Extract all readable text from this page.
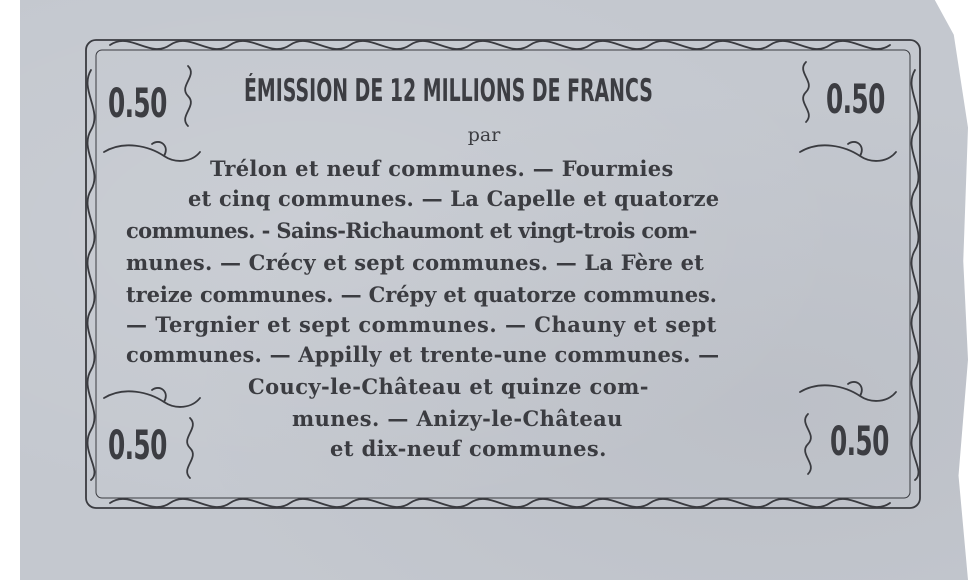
0.50	0.50
0.50	0.50
ÉMISSION DE 12 MILLIONS DE FRANCS
par
Trélon et neuf communes. — Fourmies
et cinq communes. — La Capelle et quatorze
communes. - Sains-Richaumont et vingt-trois com-
munes. — Crécy et sept communes. — La Fère et
treize communes. — Crépy et quatorze communes.
— Tergnier et sept communes. — Chauny et sept
communes. — Appilly et trente-une communes. —
Coucy-le-Château et quinze com-
munes. — Anizy-le-Château
et dix-neuf communes.
